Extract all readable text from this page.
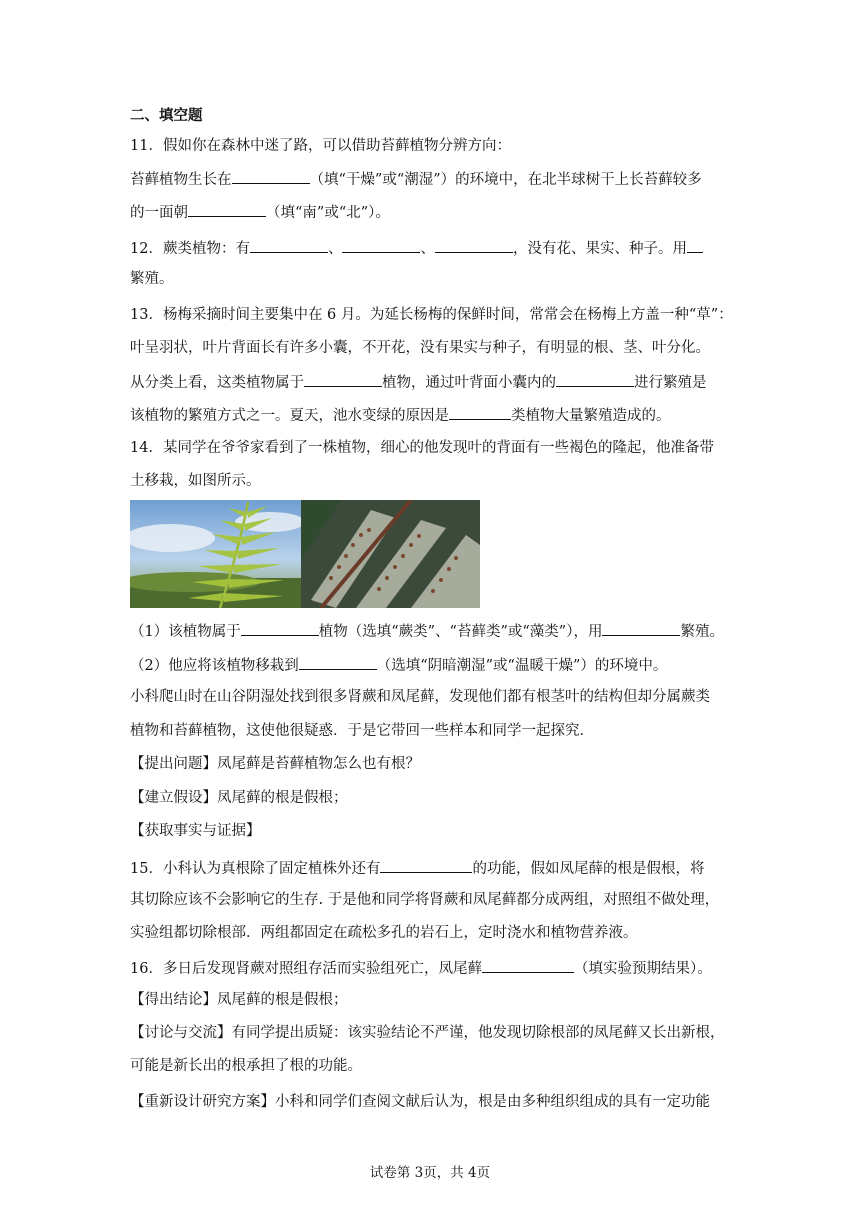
二、填空题
11．假如你在森林中迷了路，可以借助苔藓植物分辨方向：
苔藓植物生长在	（填“干燥”或“潮湿”）的环境中，在北半球树干上长苔藓较多
的一面朝	（填“南”或“北”）。
12．蕨类植物：有	、	、	，没有花、果实、种子。用
繁殖。
13．杨梅采摘时间主要集中在 6 月。为延长杨梅的保鲜时间，常常会在杨梅上方盖一种“草”：
叶呈羽状，叶片背面长有许多小囊，不开花，没有果实与种子，有明显的根、茎、叶分化。
从分类上看，这类植物属于	植物，通过叶背面小囊内的	进行繁殖是
该植物的繁殖方式之一。夏天，池水变绿的原因是	类植物大量繁殖造成的。
14．某同学在爷爷家看到了一株植物，细心的他发现叶的背面有一些褐色的隆起，他准备带
土移栽，如图所示。
（1）该植物属于	植物（选填“蕨类”、“苔藓类”或“藻类”），用	繁殖。
（2）他应将该植物移栽到	（选填“阴暗潮湿”或“温暖干燥”）的环境中。
小科爬山时在山谷阴湿处找到很多肾蕨和凤尾藓，发现他们都有根茎叶的结构但却分属蕨类
植物和苔藓植物，这使他很疑惑．于是它带回一些样本和同学一起探究．
【提出问题】凤尾藓是苔藓植物怎么也有根？
【建立假设】凤尾藓的根是假根；
【获取事实与证据】
15．小科认为真根除了固定植株外还有	的功能，假如凤尾薛的根是假根，将
其切除应该不会影响它的生存. 于是他和同学将肾蕨和凤尾藓都分成两组，对照组不做处理，
实验组都切除根部．两组都固定在疏松多孔的岩石上，定时浇水和植物营养液。
16．多日后发现肾蕨对照组存活而实验组死亡，凤尾藓	（填实验预期结果）。
【得出结论】凤尾藓的根是假根；
【讨论与交流】有同学提出质疑：该实验结论不严谨，他发现切除根部的凤尾藓又长出新根，
可能是新长出的根承担了根的功能。
【重新设计研究方案】小科和同学们查阅文献后认为，根是由多种组织组成的具有一定功能
试卷第 3页，共 4页
